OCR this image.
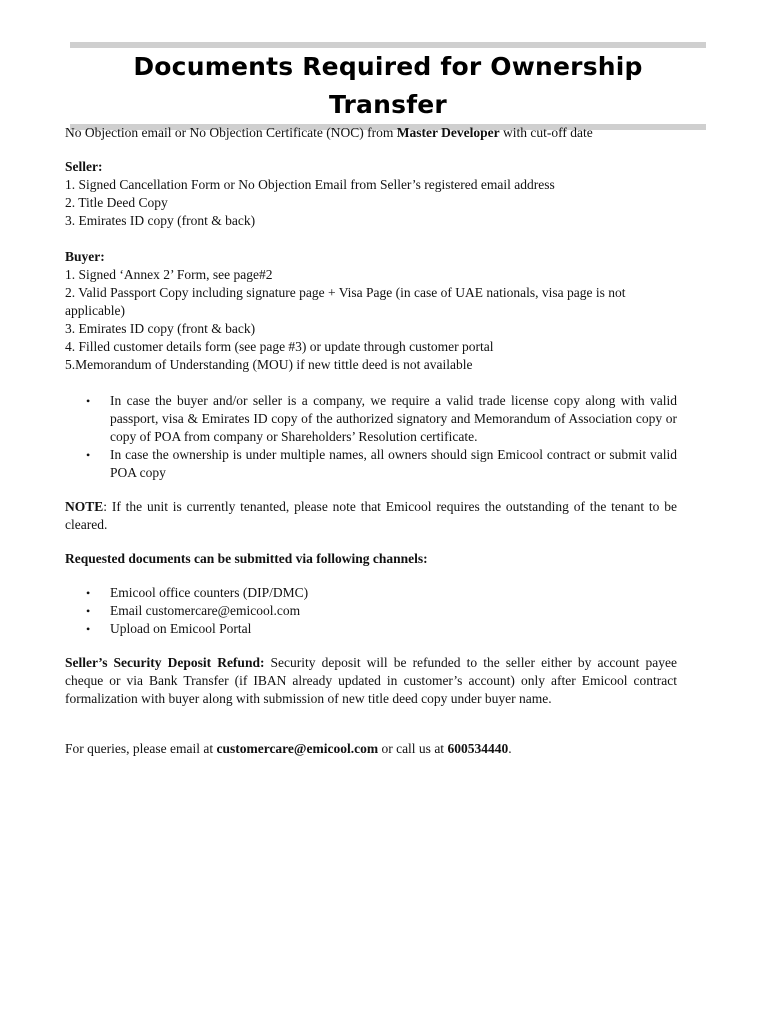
Documents Required for Ownership Transfer

No Objection email or No Objection Certificate (NOC) from Master Developer with cut-off date

Seller:

1. Signed Cancellation Form or No Objection Email from Seller’s registered email address

2. Title Deed Copy

3. Emirates ID copy (front & back)

Buyer:

1. Signed ‘Annex 2’ Form, see page#2

2. Valid Passport Copy including signature page + Visa Page (in case of UAE nationals, visa page is not applicable)

3. Emirates ID copy (front & back)

4. Filled customer details form (see page #3) or update through customer portal

5.Memorandum of Understanding (MOU) if new tittle deed is not available

• In case the buyer and/or seller is a company, we require a valid trade license copy along with valid passport, visa & Emirates ID copy of the authorized signatory and Memorandum of Association copy or copy of POA from company or Shareholders’ Resolution certificate.
• In case the ownership is under multiple names, all owners should sign Emicool contract or submit valid POA copy

NOTE: If the unit is currently tenanted, please note that Emicool requires the outstanding of the tenant to be cleared.

Requested documents can be submitted via following channels:

• Emicool office counters (DIP/DMC)
• Email customercare@emicool.com
• Upload on Emicool Portal

Seller’s Security Deposit Refund: Security deposit will be refunded to the seller either by account payee cheque or via Bank Transfer (if IBAN already updated in customer’s account) only after Emicool contract formalization with buyer along with submission of new title deed copy under buyer name.

For queries, please email at customercare@emicool.com or call us at 600534440.
